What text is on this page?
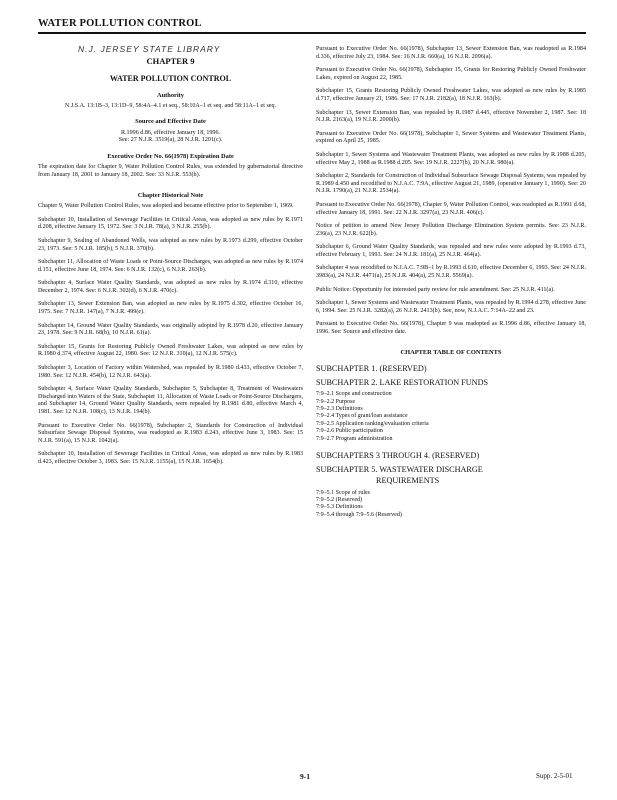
WATER POLLUTION CONTROL
N.J. JERSEY STATE LIBRARY
CHAPTER 9
WATER POLLUTION CONTROL
Authority

N.J.S.A. 13:1B–3, 13:1D–9, 58:4A–4.1 et seq., 58:10A–1 et seq. and 58:11A–1 et seq.

Source and Effective Date
R.1996 d.86, effective January 18, 1996.
See: 27 N.J.R. 3519(a), 28 N.J.R. 1201(c).
Executive Order No. 66(1978) Expiration Date

The expiration date for Chapter 9, Water Pollution Control Rules, was extended by gubernatorial directive from January 18, 2001 to January 18, 2002. See: 33 N.J.R. 553(b).

Chapter Historical Note

Chapter 9, Water Pollution Control Rules, was adopted and became effective prior to September 1, 1969.

Subchapter 10, Installation of Sewerage Facilities in Critical Areas, was adopted as new rules by R.1971 d.208, effective January 15, 1972. See: 3 N.J.R. 78(a), 3 N.J.R. 255(b).

Subchapter 9, Sealing of Abandoned Wells, was adopted as new rules by R.1973 d.299, effective October 23, 1973. See: 5 N.J.R. 185(b), 5 N.J.R. 370(b).

Subchapter 11, Allocation of Waste Loads or Point-Source Discharges, was adopted as new rules by R.1974 d.151, effective June 18, 1974. See: 6 N.J.R. 132(c), 6 N.J.R. 263(b).

Subchapter 4, Surface Water Quality Standards, was adopted as new rules by R.1974 d.310, effective December 2, 1974. See: 6 N.J.R. 302(d), 6 N.J.R. 470(c).

Subchapter 13, Sewer Extension Ban, was adopted as new rules by R.1975 d.302, effective October 16, 1975. See: 7 N.J.R. 147(a), 7 N.J.R. 499(e).

Subchapter 14, Ground Water Quality Standards, was originally adopted by R.1978 d.20, effective January 23, 1978. See: 9 N.J.R. 68(b), 10 N.J.R. 61(a).

Subchapter 15, Grants for Restoring Publicly Owned Freshwater Lakes, was adopted as new rules by R.1980 d.374, effective August 22, 1980. See: 12 N.J.R. 310(a), 12 N.J.R. 575(c).

Subchapter 3, Location of Factory within Watershed, was repealed by R.1980 d.433, effective October 7, 1980. See: 12 N.J.R. 454(b), 12 N.J.R. 643(a).

Subchapter 4, Surface Water Quality Standards, Subchapter 5, Subchapter 8, Treatment of Wastewaters Discharged into Waters of the State, Subchapter 11, Allocation of Waste Loads or Point-Source Dischargers, and Subchapter 14, Ground Water Quality Standards, were repealed by R.1981 d.80, effective March 4, 1981. See: 12 N.J.R. 108(c), 13 N.J.R. 194(b).

Pursuant to Executive Order No. 66(1978), Subchapter 2, Standards for Construction of Individual Subsurface Sewage Disposal Systems, was readopted as R.1983 d.243, effective June 3, 1983. See: 15 N.J.R. 591(a), 15 N.J.R. 1042(a).

Subchapter 10, Installation of Sewerage Facilities in Critical Areas, was adopted as new rules by R.1983 d.423, effective October 3, 1983. See: 15 N.J.R. 1155(a), 15 N.J.R. 1654(b).

Pursuant to Executive Order No. 66(1978), Subchapter 13, Sewer Extension Ban, was readopted as R.1984 d.336, effective July 23, 1984. See: 16 N.J.R. 660(a), 16 N.J.R. 2096(a).

Pursuant to Executive Order No. 66(1978), Subchapter 15, Grants for Restoring Publicly Owned Freshwater Lakes, expired on August 22, 1985.

Subchapter 15, Grants Restoring Publicly Owned Freshwater Lakes, was adopted as new rules by R.1985 d.717, effective January 21, 1986. See: 17 N.J.R. 2182(a), 18 N.J.R. 163(b).

Subchapter 13, Sewer Extension Ban, was repealed by R.1987 d.445, effective November 2, 1987. See: 18 N.J.R. 2163(a), 19 N.J.R. 2000(b).

Pursuant to Executive Order No. 66(1978), Subchapter 1, Sewer Systems and Wastewater Treatment Plants, expired on April 25, 1985.

Subchapter 1, Sewer Systems and Wastewater Treatment Plants, was adopted as new rules by R.1988 d.205, effective May 2, 1988 as R.1988 d.205. See: 19 N.J.R. 2227(b), 20 N.J.R. 980(a).

Subchapter 2, Standards for Construction of Individual Subsurface Sewage Disposal Systems, was repealed by R.1989 d.450 and recodified to N.J.A.C. 7:9A, effective August 21, 1989, (operative January 1, 1990). See: 20 N.J.R. 1790(a), 21 N.J.R. 2534(a).

Pursuant to Executive Order No. 66(1978), Chapter 9, Water Pollution Control, was readopted as R.1991 d.68, effective January 18, 1991. See: 22 N.J.R. 3297(a), 23 N.J.R. 406(c).

Notice of petition to amend New Jersey Pollution Discharge Elimination System permits. See: 23 N.J.R. 236(a), 23 N.J.R. 622(b).

Subchapter 6, Ground Water Quality Standards, was repealed and new rules were adopted by R.1993 d.73, effective February 1, 1993. See: 24 N.J.R. 181(a), 25 N.J.R. 464(a).

Subchapter 4 was recodified to N.J.A.C. 7:9B–1 by R.1993 d.610, effective December 6, 1993. See: 24 N.J.R. 3983(a), 24 N.J.R. 4471(a), 25 N.J.R. 404(a), 25 N.J.R. 5569(a).

Public Notice: Opportunity for interested party review for rule amendment. See: 25 N.J.R. 411(a).

Subchapter 1, Sewer Systems and Wastewater Treatment Plants, was repealed by R.1994 d.278, effective June 6, 1994. See: 25 N.J.R. 3282(a), 26 N.J.R. 2413(b). See, now, N.J.A.C. 7:14A–22 and 23.

Pursuant to Executive Order No. 66(1978), Chapter 9 was readopted as R.1996 d.86, effective January 18, 1996. See: Source and effective date.

CHAPTER TABLE OF CONTENTS
SUBCHAPTER 1. (RESERVED)
SUBCHAPTER 2. LAKE RESTORATION FUNDS
7:9–2.1 Scope and construction
7:9–2.2 Purpose
7:9–2.3 Definitions
7:9–2.4 Types of grant/loan assistance
7:9–2.5 Application ranking/evaluation criteria
7:9–2.6 Public participation
7:9–2.7 Program administration
SUBCHAPTERS 3 THROUGH 4. (RESERVED)
SUBCHAPTER 5. WASTEWATER DISCHARGE
REQUIREMENTS
7:9–5.1 Scope of rules
7:9–5.2 (Reserved)
7:9–5.3 Definitions
7:9–5.4 through 7:9–5.6 (Reserved)
9-1	Supp. 2-5-01
